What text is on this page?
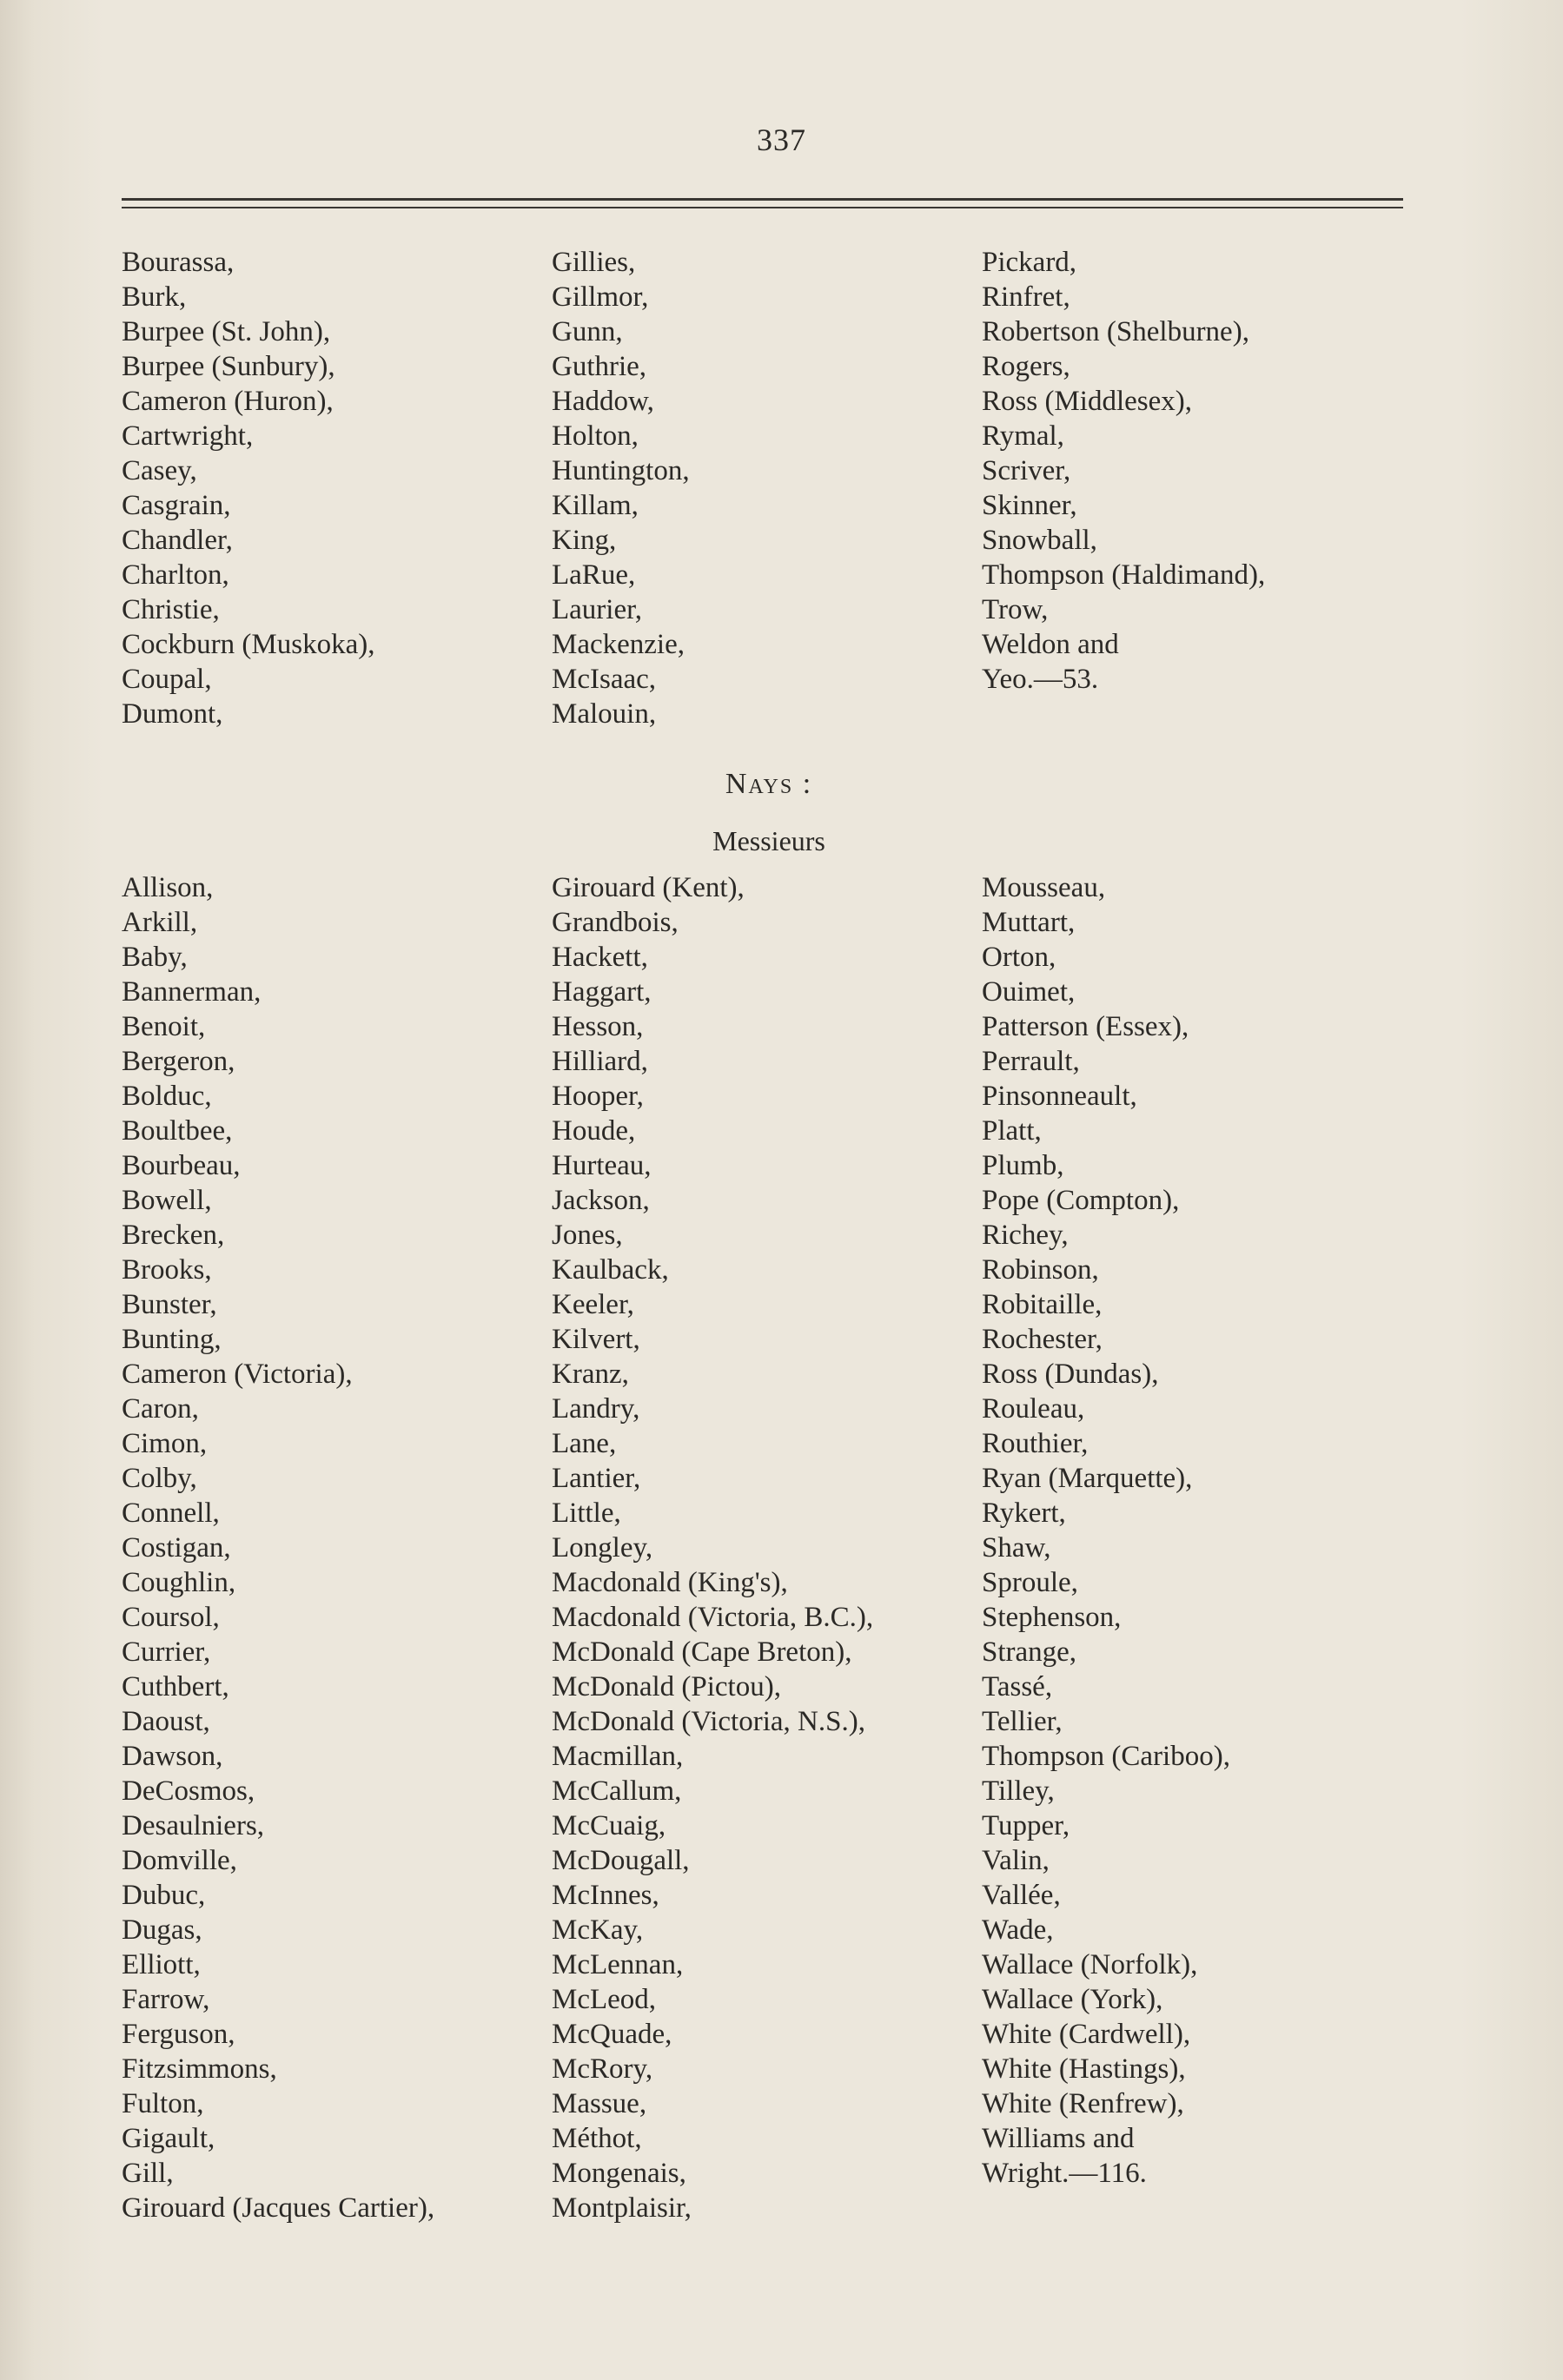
337
Bourassa,
Burk,
Burpee (St. John),
Burpee (Sunbury),
Cameron (Huron),
Cartwright,
Casey,
Casgrain,
Chandler,
Charlton,
Christie,
Cockburn (Muskoka),
Coupal,
Dumont,
Gillies,
Gillmor,
Gunn,
Guthrie,
Haddow,
Holton,
Huntington,
Killam,
King,
LaRue,
Laurier,
Mackenzie,
McIsaac,
Malouin,
Pickard,
Rinfret,
Robertson (Shelburne),
Rogers,
Ross (Middlesex),
Rymal,
Scriver,
Skinner,
Snowball,
Thompson (Haldimand),
Trow,
Weldon and
Yeo.—53.
Nays :
Messieurs
Allison,
Arkill,
Baby,
Bannerman,
Benoit,
Bergeron,
Bolduc,
Boultbee,
Bourbeau,
Bowell,
Brecken,
Brooks,
Bunster,
Bunting,
Cameron (Victoria),
Caron,
Cimon,
Colby,
Connell,
Costigan,
Coughlin,
Coursol,
Currier,
Cuthbert,
Daoust,
Dawson,
DeCosmos,
Desaulniers,
Domville,
Dubuc,
Dugas,
Elliott,
Farrow,
Ferguson,
Fitzsimmons,
Fulton,
Gigault,
Gill,
Girouard (Jacques Cartier),
Girouard (Kent),
Grandbois,
Hackett,
Haggart,
Hesson,
Hilliard,
Hooper,
Houde,
Hurteau,
Jackson,
Jones,
Kaulback,
Keeler,
Kilvert,
Kranz,
Landry,
Lane,
Lantier,
Little,
Longley,
Macdonald (King's),
Macdonald (Victoria, B.C.),
McDonald (Cape Breton),
McDonald (Pictou),
McDonald (Victoria, N.S.),
Macmillan,
McCallum,
McCuaig,
McDougall,
McInnes,
McKay,
McLennan,
McLeod,
McQuade,
McRory,
Massue,
Méthot,
Mongenais,
Montplaisir,
Mousseau,
Muttart,
Orton,
Ouimet,
Patterson (Essex),
Perrault,
Pinsonneault,
Platt,
Plumb,
Pope (Compton),
Richey,
Robinson,
Robitaille,
Rochester,
Ross (Dundas),
Rouleau,
Routhier,
Ryan (Marquette),
Rykert,
Shaw,
Sproule,
Stephenson,
Strange,
Tassé,
Tellier,
Thompson (Cariboo),
Tilley,
Tupper,
Valin,
Vallée,
Wade,
Wallace (Norfolk),
Wallace (York),
White (Cardwell),
White (Hastings),
White (Renfrew),
Williams and
Wright.—116.
